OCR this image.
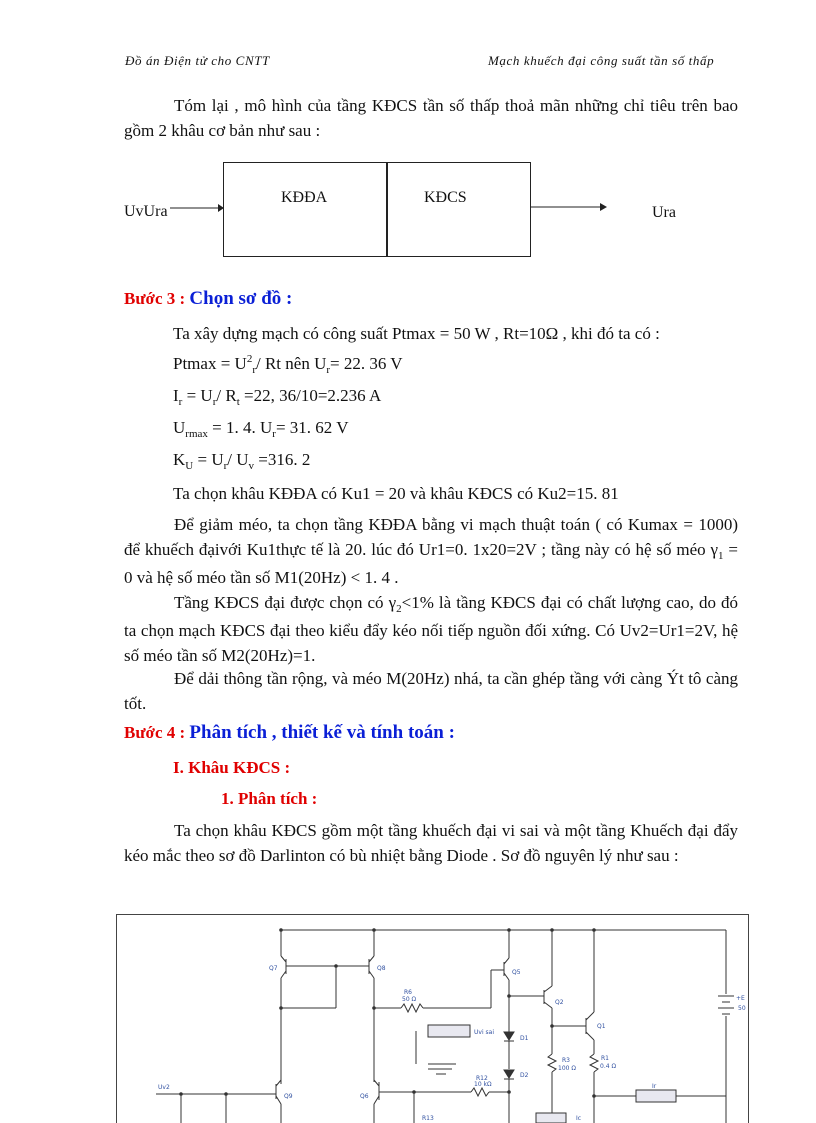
Đồ án Điện tử cho CNTT	Mạch khuếch đại công suất tần số thấp
Tóm lại , mô hình của tầng KĐCS tần số thấp thoả mãn những chỉ tiêu trên bao gồm 2 khâu cơ bản như sau :
UvUra
KĐĐA	KĐCS
Ura
Bước 3 : Chọn sơ đồ :
Ta xây dựng mạch có công suất Ptmax = 50 W , Rt=10Ω , khi đó ta có :
$Ptmax = U^2_r/$ Rt nên $U_r= 22$. 36 V
$I_r = U_r/$ $R_t =22$, 36/10=2.236 A
$U_{rmax} = 1$. 4. $U_r= 31$. 62 V
$K_U = U_r/$ $U_v =316$. 2
Ta chọn khâu KĐĐA có Ku1 = 20 và khâu KĐCS có Ku2=15. 81
Để giảm méo, ta chọn tầng KĐĐA bằng vi mạch thuật toán ( có Kumax = 1000) để khuếch đạivới Ku1thực tế là 20. lúc đó Ur1=0. 1x20=2V ; tầng này có hệ số méo $\gamma_1 = 0$ và hệ số méo tần số M1(20Hz) < 1. 4 .
Tầng KĐCS đại được chọn có $\gamma_2<1\%$ là tầng KĐCS đại có chất lượng cao, do đó ta chọn mạch KĐCS đại theo kiểu đẩy kéo nối tiếp nguồn đối xứng. Có Uv2=Ur1=2V, hệ số méo tần số M2(20Hz)=1.
Để dải thông tần rộng, và méo M(20Hz) nhá, ta cần ghép tầng với càng Ýt tô càng tốt.
Bước 4 : Phân tích , thiết kế và tính toán :
I. Khâu KĐCS :
1. Phân tích :
Ta chọn khâu KĐCS gồm một tầng khuếch đại vi sai và một tầng Khuếch đại đẩy kéo mắc theo sơ đồ Darlinton có bù nhiệt bằng Diode . Sơ đồ nguyên lý như sau :
Q7	Q8
Q5
Q2
Q1
R6
50 Ω
Uvi sai
D1
D2
R3
100 Ω
R1
0.4 Ω
R12
10 kΩ
R13
Q9	Q6
Uv2	Ir
Ic
+E
50
